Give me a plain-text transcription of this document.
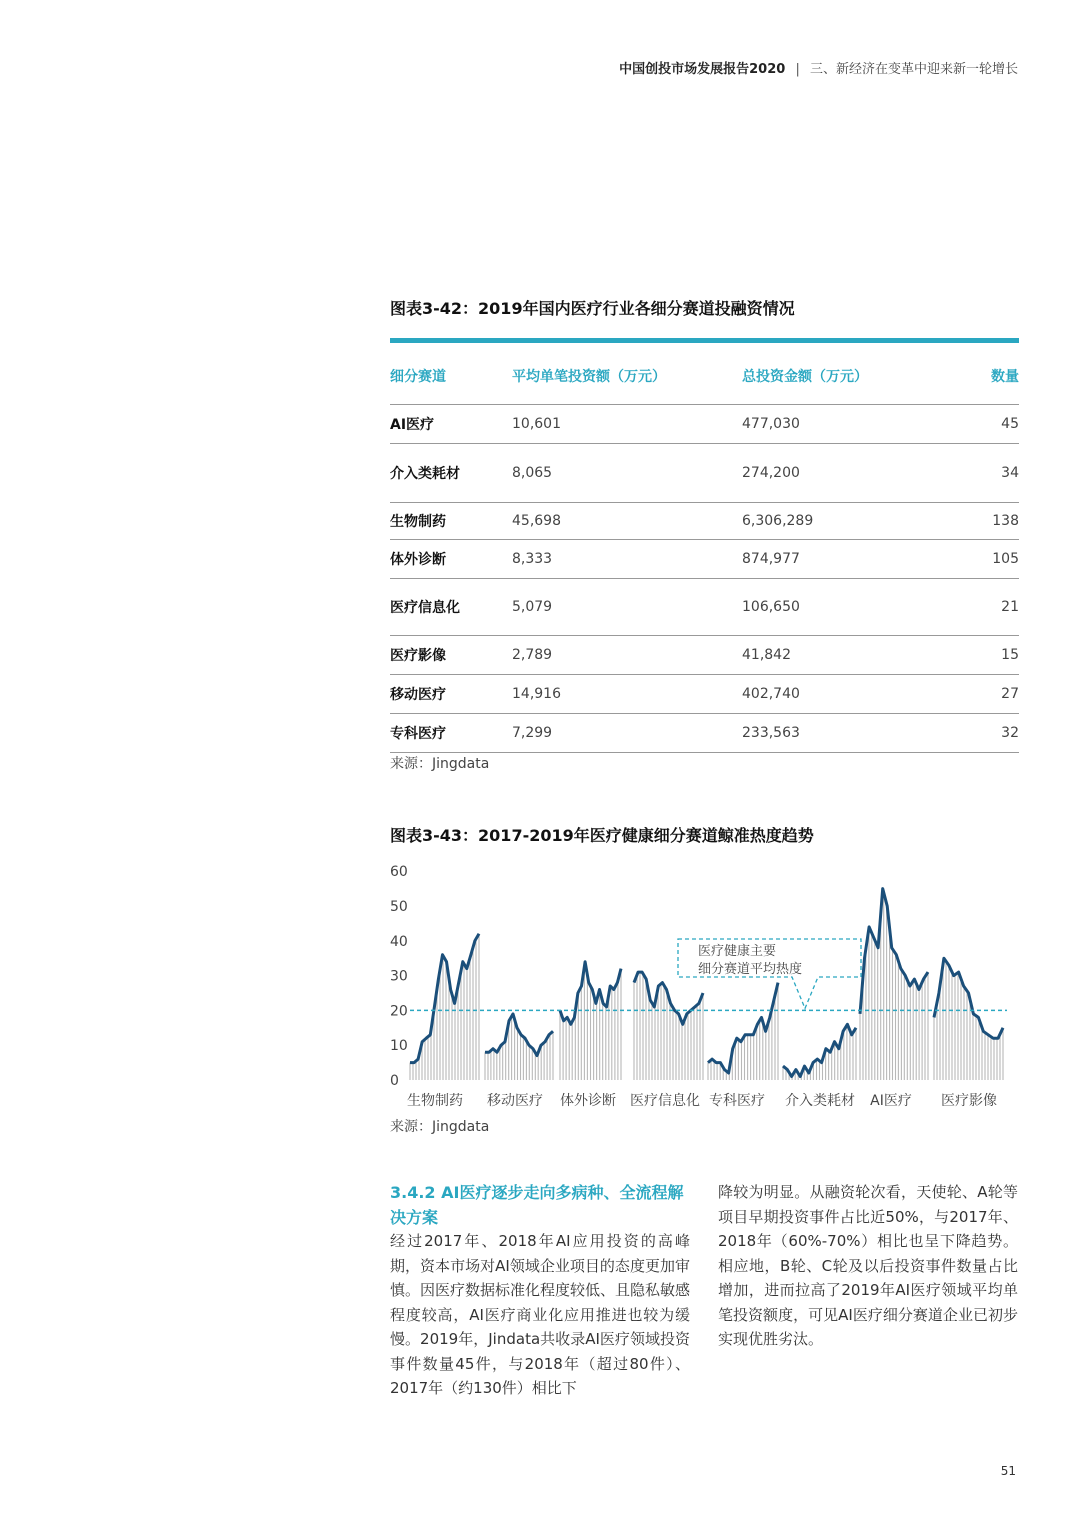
中国创投市场发展报告2020 | 三、新经济在变革中迎来新一轮增长
图表3-42：2019年国内医疗行业各细分赛道投融资情况
细分赛道	平均单笔投资额（万元）	总投资金额（万元）	数量
AI医疗	10,601	477,030	45
介入类耗材	8,065	274,200	34
生物制药	45,698	6,306,289	138
体外诊断	8,333	874,977	105
医疗信息化	5,079	106,650	21
医疗影像	2,789	41,842	15
移动医疗	14,916	402,740	27
专科医疗	7,299	233,563	32
来源：Jingdata
图表3-43：2017-2019年医疗健康细分赛道鲸准热度趋势
0
10
20
30
40
50
60
生物制药 移动医疗 体外诊断 医疗信息化 专科医疗 介入类耗材 AI医疗 医疗影像
医疗健康主要
细分赛道平均热度
来源：Jingdata
3.4.2 AI医疗逐步走向多病种、全流程解决方案
经过2017年、2018年AI应用投资的高峰期，资本市场对AI领域企业项目的态度更加审慎。因医疗数据标准化程度较低、且隐私敏感程度较高，AI医疗商业化应用推进也较为缓慢。2019年，Jindata共收录AI医疗领域投资事件数量45件，与2018年（超过80件）、2017年（约130件）相比下
降较为明显。从融资轮次看，天使轮、A轮等项目早期投资事件占比近50%，与2017年、2018年（60%-70%）相比也呈下降趋势。相应地，B轮、C轮及以后投资事件数量占比增加，进而拉高了2019年AI医疗领域平均单笔投资额度，可见AI医疗细分赛道企业已初步实现优胜劣汰。
51
